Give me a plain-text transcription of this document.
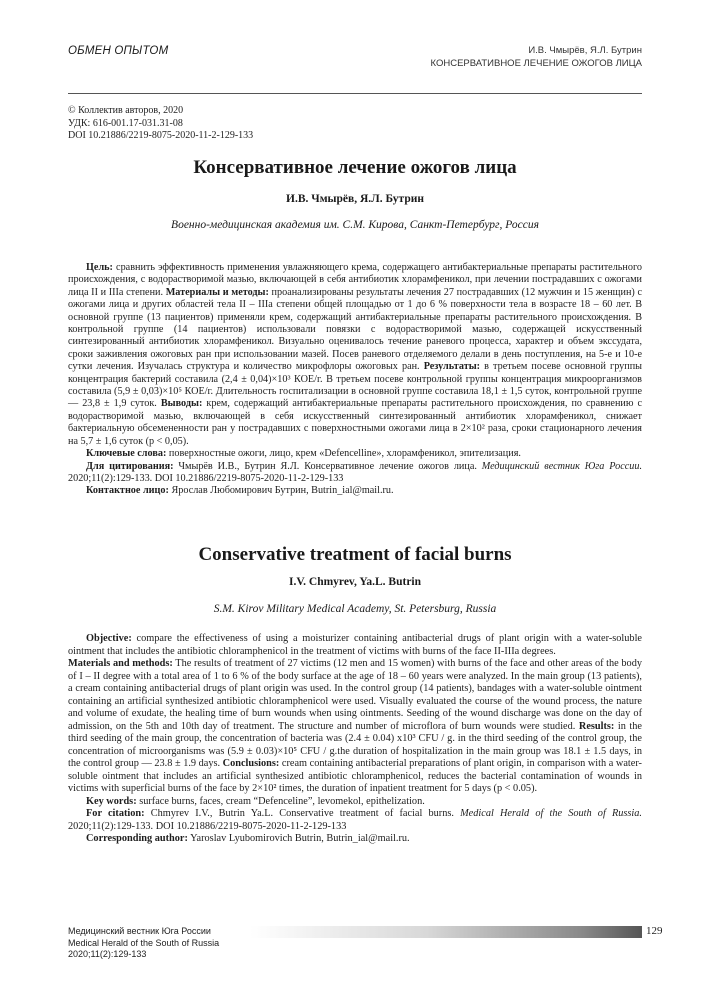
ОБМЕН ОПЫТОМ	И.В. Чмырёв, Я.Л. Бутрин
КОНСЕРВАТИВНОЕ ЛЕЧЕНИЕ ОЖОГОВ ЛИЦА
© Коллектив авторов, 2020
УДК: 616-001.17-031.31-08
DOI 10.21886/2219-8075-2020-11-2-129-133
Консервативное лечение ожогов лица
И.В. Чмырёв, Я.Л. Бутрин
Военно-медицинская академия им. С.М. Кирова, Санкт-Петербург, Россия

Цель: сравнить эффективность применения увлажняющего крема, содержащего антибактериальные препараты растительного происхождения, с водорастворимой мазью, включающей в себя антибиотик хлорамфеникол, при лечении пострадавших с ожогами лица II и IIIa степени. Материалы и методы: проанализированы результаты лечения 27 пострадавших (12 мужчин и 15 женщин) с ожогами лица и других областей тела II – IIIa степени общей площадью от 1 до 6 % поверхности тела в возрасте 18 – 60 лет. В основной группе (13 пациентов) применяли крем, содержащий антибактериальные препараты растительного происхождения. В контрольной группе (14 пациентов) использовали повязки с водорастворимой мазью, содержащей искусственный синтезированный антибиотик хлорамфеникол. Визуально оценивалось течение раневого процесса, характер и объем экссудата, сроки заживления ожоговых ран при использовании мазей. Посев раневого отделяемого делали в день поступления, на 5-е и 10-е сутки лечения. Изучалась структура и количество микрофлоры ожоговых ран. Результаты: в третьем посеве основной группы концентрация бактерий составила (2,4 ± 0,04)×10³ КОЕ/г. В третьем посеве контрольной группы концентрация микроорганизмов составила (5,9 ± 0,03)×10⁵ КОЕ/г. Длительность госпитализации в основной группе составила 18,1 ± 1,5 суток, контрольной группе — 23,8 ± 1,9 суток. Выводы: крем, содержащий антибактериальные препараты растительного происхождения, по сравнению с водорастворимой мазью, включающей в себя искусственный синтезированный антибиотик хлорамфеникол, снижает бактериальную обсемененности ран у пострадавших с поверхностными ожогами лица в 2×10² раза, сроки стационарного лечения на 5,7 ± 1,6 суток (р < 0,05).

Ключевые слова: поверхностные ожоги, лицо, крем «Defencelline», хлорамфеникол, эпителизация.

Для цитирования: Чмырёв И.В., Бутрин Я.Л. Консервативное лечение ожогов лица. Медицинский вестник Юга России. 2020;11(2):129-133. DOI 10.21886/2219-8075-2020-11-2-129-133

Контактное лицо: Ярослав Любомирович Бутрин, Butrin_ial@mail.ru.

Conservative treatment of facial burns
I.V. Chmyrev, Ya.L. Butrin
S.M. Kirov Military Medical Academy, St. Petersburg, Russia

Objective: compare the effectiveness of using a moisturizer containing antibacterial drugs of plant origin with a water-soluble ointment that includes the antibiotic chloramphenicol in the treatment of victims with burns of the face II-IIIa degrees.

Materials and methods: The results of treatment of 27 victims (12 men and 15 women) with burns of the face and other areas of the body of I – II degree with a total area of 1 to 6 % of the body surface at the age of 18 – 60 years were analyzed. In the main group (13 patients), a cream containing antibacterial drugs of plant origin was used. In the control group (14 patients), bandages with a water-soluble ointment containing an artificial synthesized antibiotic chloramphenicol were used. Visually evaluated the course of the wound process, the nature and volume of exudate, the healing time of burn wounds when using ointments. Seeding of the wound discharge was done on the day of admission, on the 5th and 10th day of treatment. The structure and number of microflora of burn wounds were studied. Results: in the third seeding of the main group, the concentration of bacteria was (2.4 ± 0.04) x10³ CFU / g. in the third seeding of the control group, the concentration of microorganisms was (5.9 ± 0.03)×10⁵ CFU / g.the duration of hospitalization in the main group was 18.1 ± 1.5 days, in the control group — 23.8 ± 1.9 days. Conclusions: cream containing antibacterial preparations of plant origin, in comparison with a water-soluble ointment that includes an artificial synthesized antibiotic chloramphenicol, reduces the bacterial contamination of wounds in victims with superficial burns of the face by 2×10² times, the duration of inpatient treatment for 5 days (p < 0.05).

Key words: surface burns, faces, cream “Defenceline”, levomekol, epithelization.

For citation: Chmyrev I.V., Butrin Ya.L. Conservative treatment of facial burns. Medical Herald of the South of Russia. 2020;11(2):129-133. DOI 10.21886/2219-8075-2020-11-2-129-133

Corresponding author: Yaroslav Lyubomirovich Butrin, Butrin_ial@mail.ru.

Медицинский вестник Юга России
Medical Herald of the South of Russia
2020;11(2):129-133
129
